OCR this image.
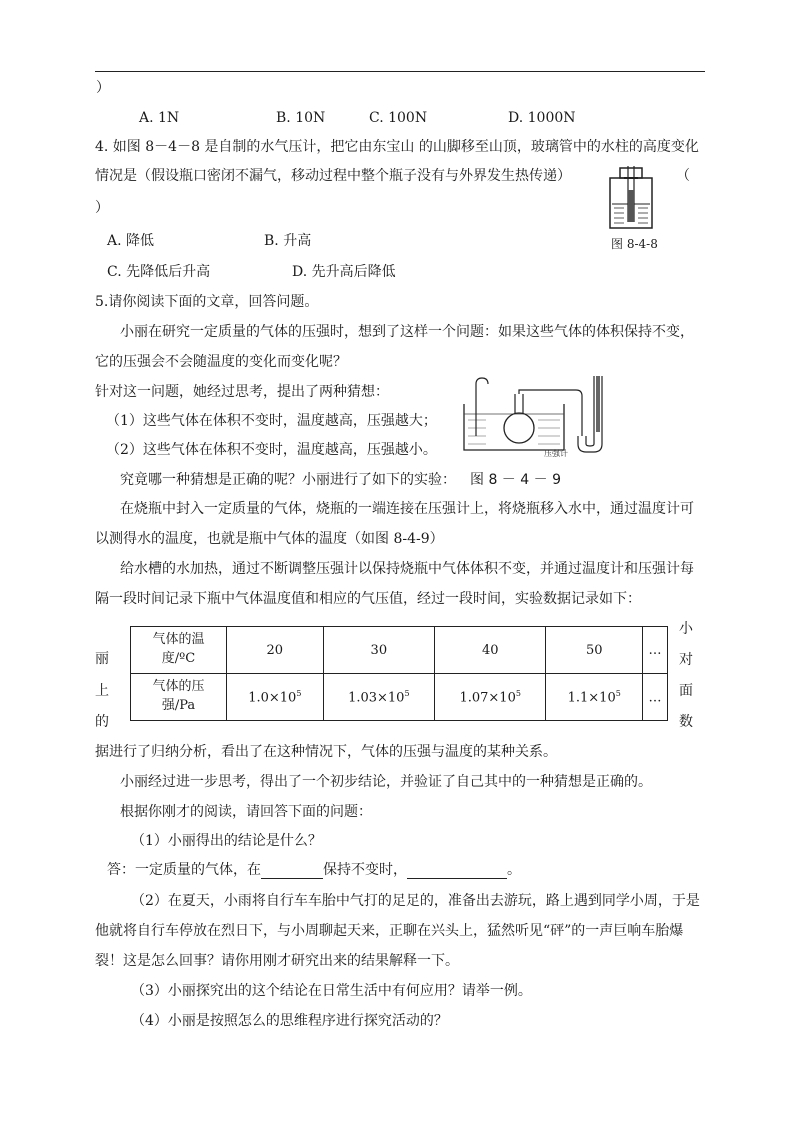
）
A. 1N	B. 10N	C. 100N	D. 1000N
4. 如图 8－4－8 是自制的水气压计，把它由东宝山 的山脚移至山顶，玻璃管中的水柱的高度变化
情况是（假设瓶口密闭不漏气，移动过程中整个瓶子没有与外界发生热传递）	（
）
图 8-4-8
A. 降低	B. 升高
C. 先降低后升高	D. 先升高后降低
5.请你阅读下面的文章，回答问题。
小丽在研究一定质量的气体的压强时，想到了这样一个问题：如果这些气体的体积保持不变，
它的压强会不会随温度的变化而变化呢？
针对这一问题，她经过思考，提出了两种猜想：
（1）这些气体在体积不变时，温度越高，压强越大；
（2）这些气体在体积不变时，温度越高，压强越小。
究竟哪一种猜想是正确的呢？小丽进行了如下的实验：
压强计
图 8 － 4 － 9
在烧瓶中封入一定质量的气体，烧瓶的一端连接在压强计上，将烧瓶移入水中，通过温度计可
以测得水的温度，也就是瓶中气体的温度（如图 8-4-9）
给水槽的水加热，通过不断调整压强计以保持烧瓶中气体体积不变，并通过温度计和压强计每
隔一段时间记录下瓶中气体温度值和相应的气压值，经过一段时间，实验数据记录如下：
丽
上
的
小
对
面
数
气体的温
度/ºC	20	30	40	50	…
气体的压
强/Pa	$1.0\times 10^5$	$1.03\times 10^5$	$1.07\times 10^5$	$1.1\times 10^5$	…
据进行了归纳分析，看出了在这种情况下，气体的压强与温度的某种关系。
小丽经过进一步思考，得出了一个初步结论，并验证了自己其中的一种猜想是正确的。
根据你刚才的阅读，请回答下面的问题：
（1）小丽得出的结论是什么？
答：一定质量的气体，在	保持不变时，	。
（2）在夏天，小雨将自行车车胎中气打的足足的，准备出去游玩，路上遇到同学小周，于是
他就将自行车停放在烈日下，与小周聊起天来，正聊在兴头上，猛然听见“砰”的一声巨响车胎爆
裂！这是怎么回事？请你用刚才研究出来的结果解释一下。
（3）小丽探究出的这个结论在日常生活中有何应用？请举一例。
（4）小丽是按照怎么的思维程序进行探究活动的？
